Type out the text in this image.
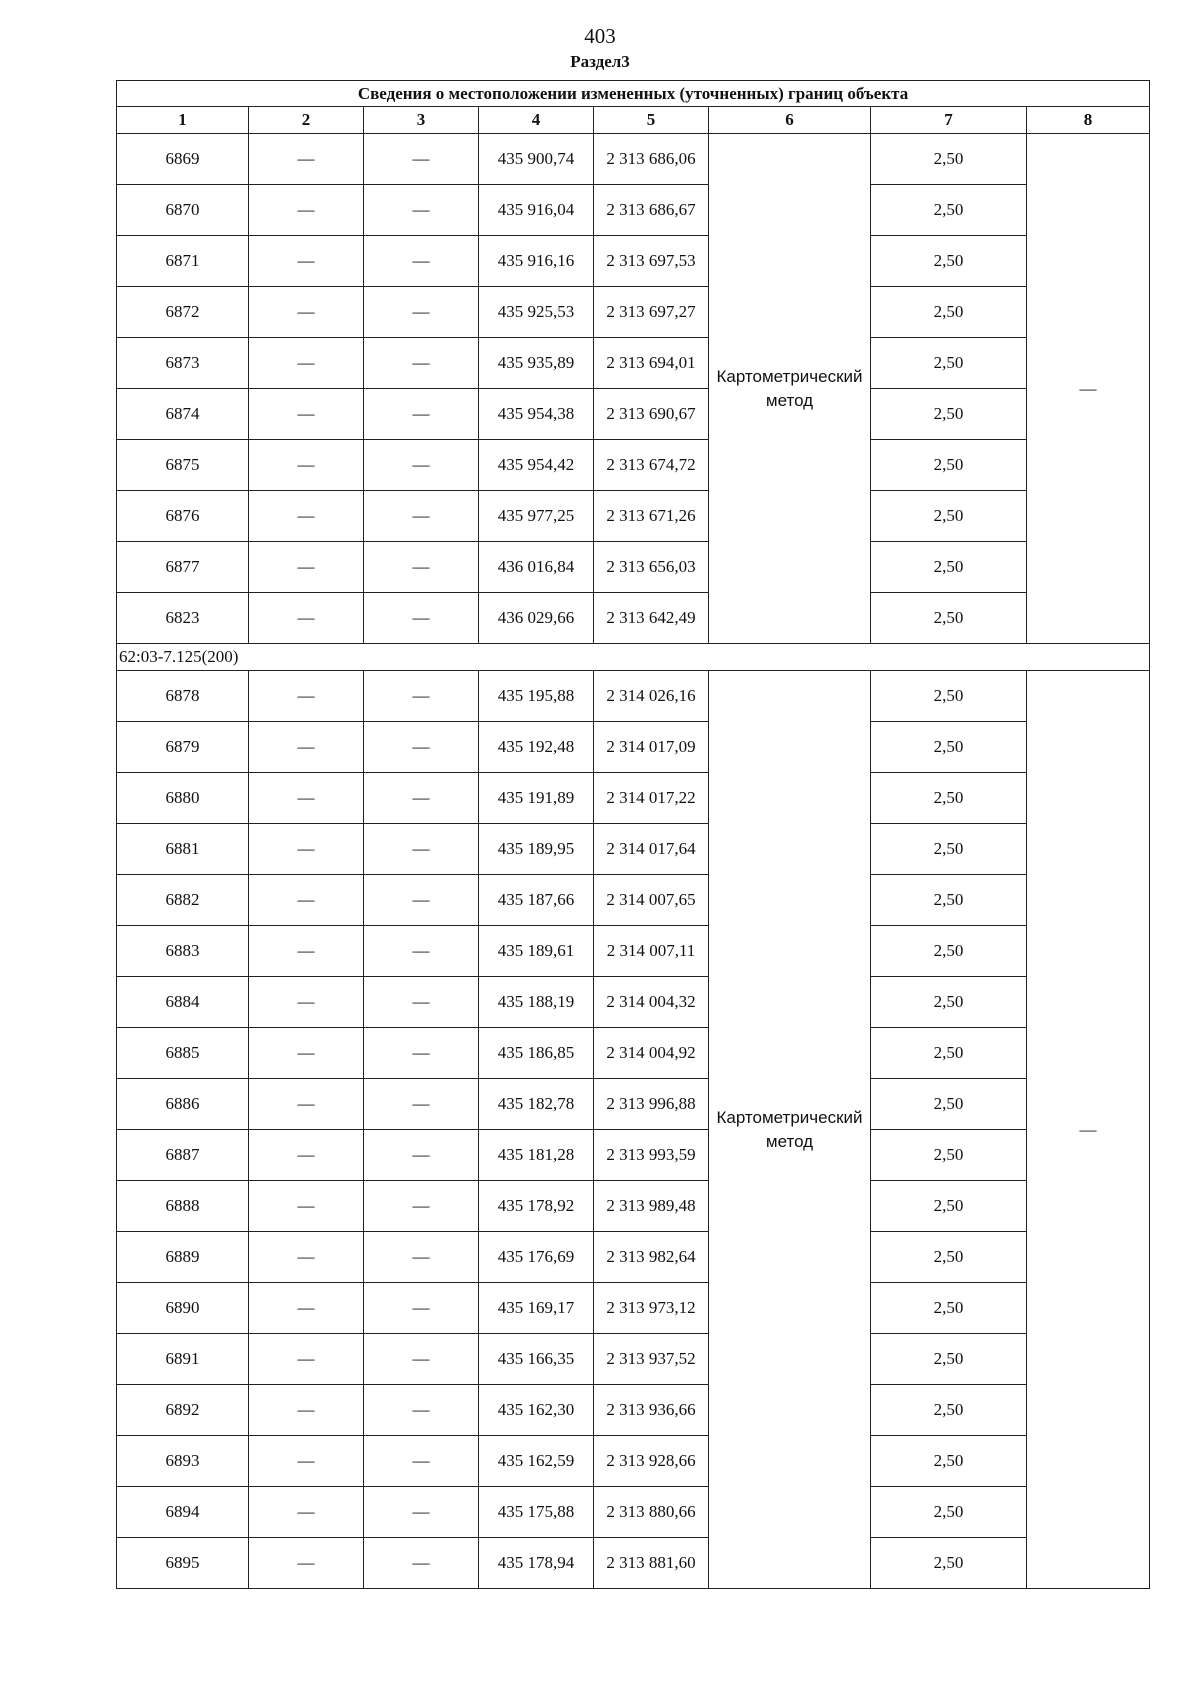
403
Раздел3
Сведения о местоположении измененных (уточненных) границ объекта							
1	2	3	4	5	6	7	8
6869	—	—	435 900,74	2 313 686,06	Картометрический метод	2,50	—
6870	—	—	435 916,04	2 313 686,67		2,50	
6871	—	—	435 916,16	2 313 697,53		2,50	
6872	—	—	435 925,53	2 313 697,27		2,50	
6873	—	—	435 935,89	2 313 694,01		2,50	
6874	—	—	435 954,38	2 313 690,67		2,50	
6875	—	—	435 954,42	2 313 674,72		2,50	
6876	—	—	435 977,25	2 313 671,26		2,50	
6877	—	—	436 016,84	2 313 656,03		2,50	
6823	—	—	436 029,66	2 313 642,49		2,50	
62:03-7.125(200)							
6878	—	—	435 195,88	2 314 026,16	Картометрический метод	2,50	—
6879	—	—	435 192,48	2 314 017,09		2,50	
6880	—	—	435 191,89	2 314 017,22		2,50	
6881	—	—	435 189,95	2 314 017,64		2,50	
6882	—	—	435 187,66	2 314 007,65		2,50	
6883	—	—	435 189,61	2 314 007,11		2,50	
6884	—	—	435 188,19	2 314 004,32		2,50	
6885	—	—	435 186,85	2 314 004,92		2,50	
6886	—	—	435 182,78	2 313 996,88		2,50	
6887	—	—	435 181,28	2 313 993,59		2,50	
6888	—	—	435 178,92	2 313 989,48		2,50	
6889	—	—	435 176,69	2 313 982,64		2,50	
6890	—	—	435 169,17	2 313 973,12		2,50	
6891	—	—	435 166,35	2 313 937,52		2,50	
6892	—	—	435 162,30	2 313 936,66		2,50	
6893	—	—	435 162,59	2 313 928,66		2,50	
6894	—	—	435 175,88	2 313 880,66		2,50	
6895	—	—	435 178,94	2 313 881,60		2,50	
